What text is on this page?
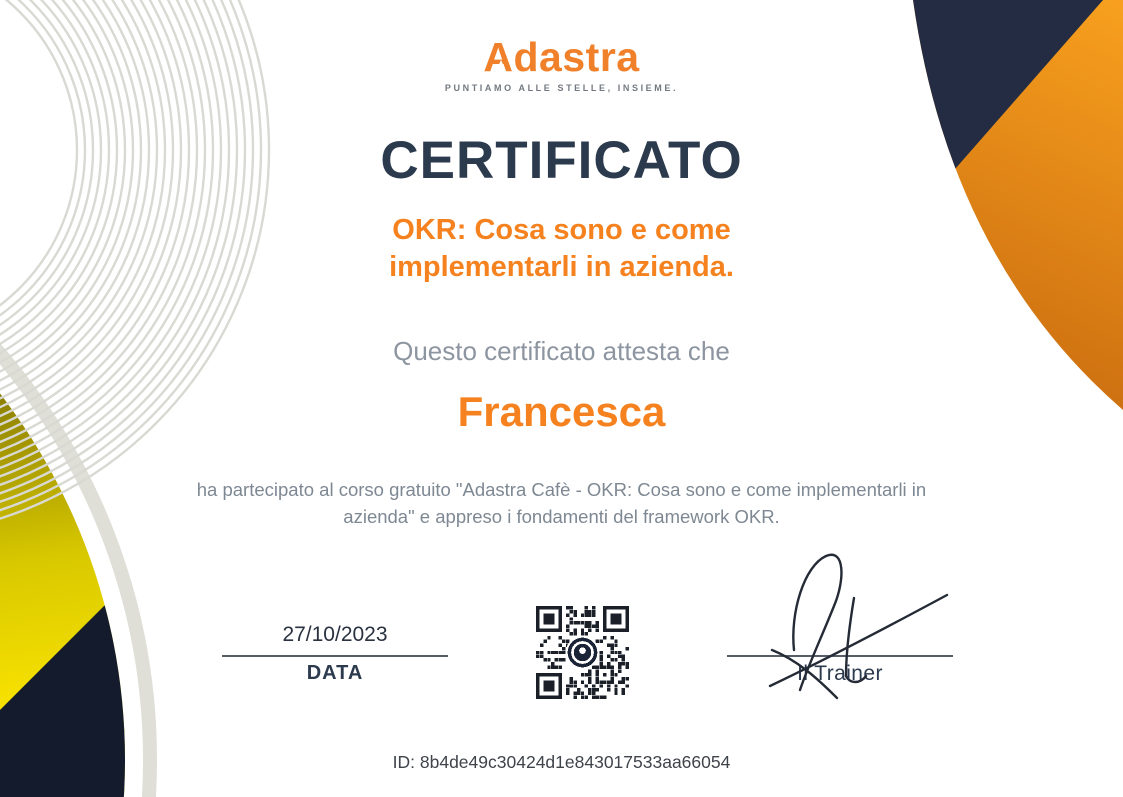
Adastra
PUNTIAMO ALLE STELLE, INSIEME.
CERTIFICATO
OKR: Cosa sono e come implementarli in azienda.
Questo certificato attesta che
Francesca
ha partecipato al corso gratuito "Adastra Cafè - OKR: Cosa sono e come implementarli in azienda" e appreso i fondamenti del framework OKR.
27/10/2023
DATA	Il Trainer
ID: 8b4de49c30424d1e843017533aa66054
